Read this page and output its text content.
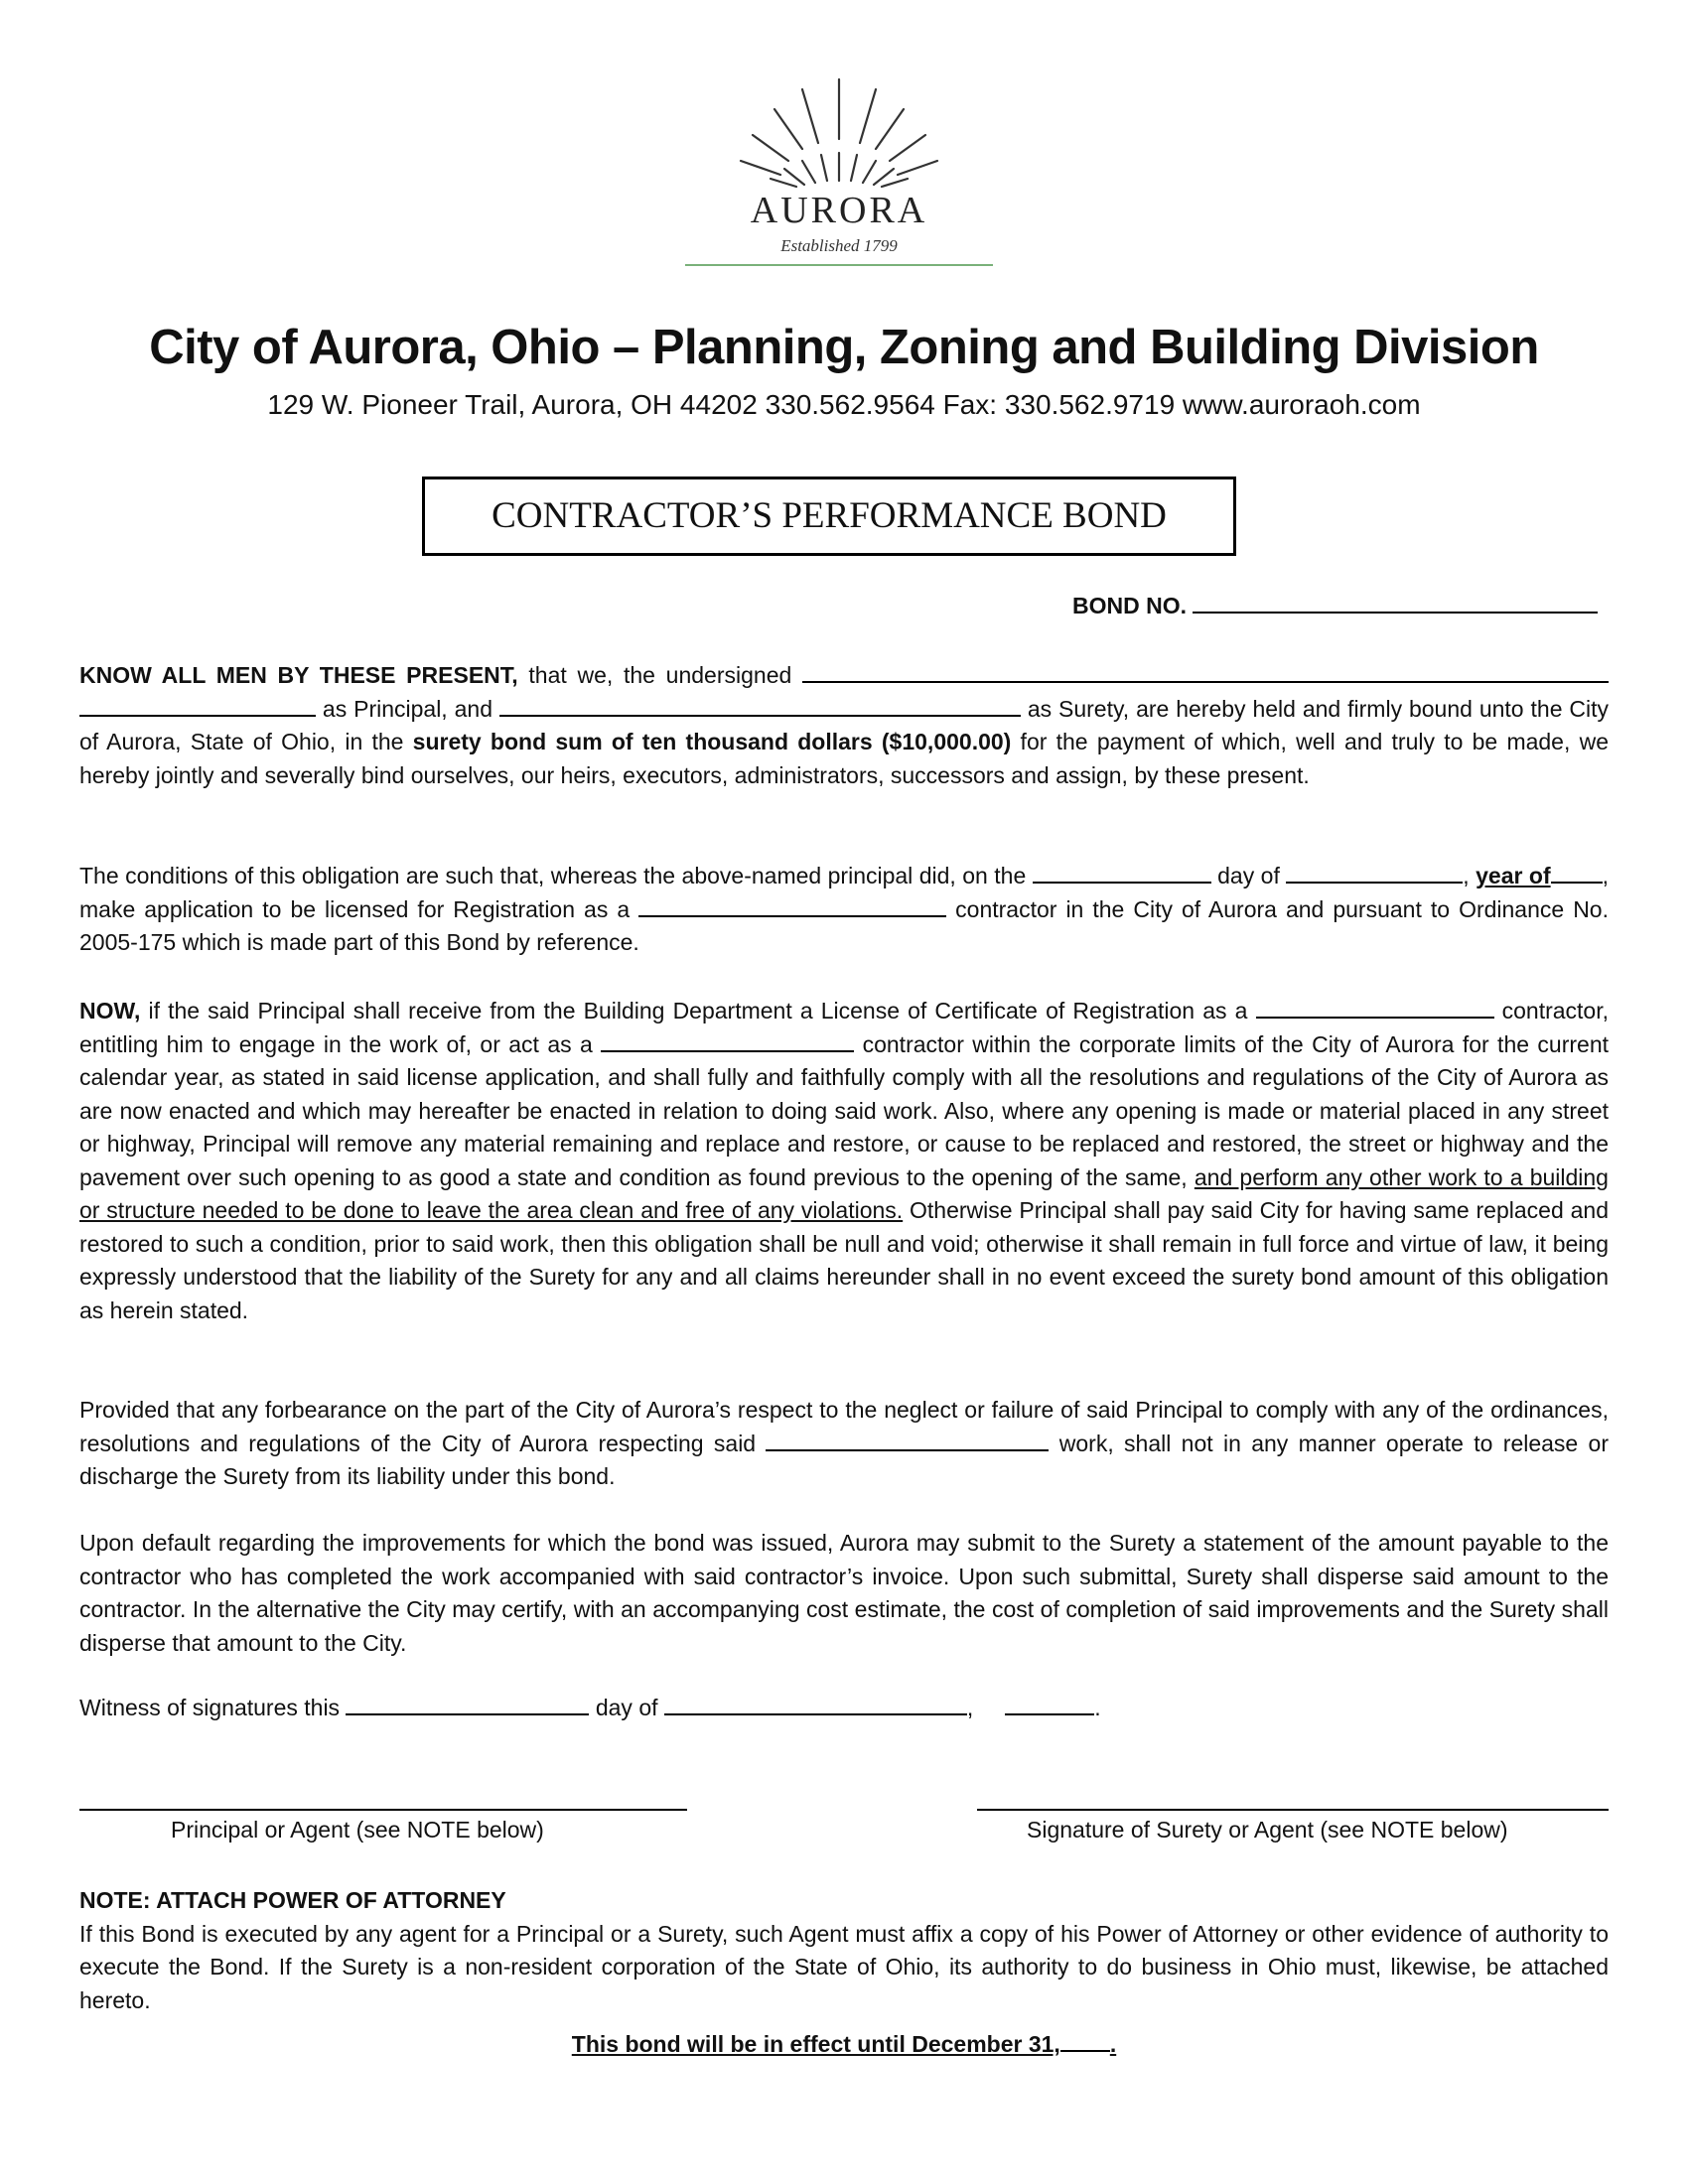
AURORA
Established 1799
City of Aurora, Ohio – Planning, Zoning and Building Division
129 W. Pioneer Trail, Aurora, OH 44202 330.562.9564 Fax: 330.562.9719 www.auroraoh.com
CONTRACTOR’S PERFORMANCE BOND
BOND NO.
KNOW ALL MEN BY THESE PRESENT, that we, the undersigned   as Principal, and	as Surety, are hereby held and firmly bound unto the City of Aurora, State of Ohio, in the surety bond sum of ten thousand dollars ($10,000.00) for the payment of which, well and truly to be made, we hereby jointly and severally bind ourselves, our heirs, executors, administrators, successors and assign, by these present.
The conditions of this obligation are such that, whereas the above-named principal did, on the	day of	, year of , make application to be licensed for Registration as a	contractor in the City of Aurora and pursuant to Ordinance No. 2005-175 which is made part of this Bond by reference.
NOW, if the said Principal shall receive from the Building Department a License of Certificate of Registration as a	contractor, entitling him to engage in the work of, or act as a	contractor within the corporate limits of the City of Aurora for the current calendar year, as stated in said license application, and shall fully and faithfully comply with all the resolutions and regulations of the City of Aurora as are now enacted and which may hereafter be enacted in relation to doing said work. Also, where any opening is made or material placed in any street or highway, Principal will remove any material remaining and replace and restore, or cause to be replaced and restored, the street or highway and the pavement over such opening to as good a state and condition as found previous to the opening of the same, and perform any other work to a building or structure needed to be done to leave the area clean and free of any violations. Otherwise Principal shall pay said City for having same replaced and restored to such a condition, prior to said work, then this obligation shall be null and void; otherwise it shall remain in full force and virtue of law, it being expressly understood that the liability of the Surety for any and all claims hereunder shall in no event exceed the surety bond amount of this obligation as herein stated.
Provided that any forbearance on the part of the City of Aurora’s respect to the neglect or failure of said Principal to comply with any of the ordinances, resolutions and regulations of the City of Aurora respecting said	work, shall not in any manner operate to release or discharge the Surety from its liability under this bond.
Upon default regarding the improvements for which the bond was issued, Aurora may submit to the Surety a statement of the amount payable to the contractor who has completed the work accompanied with said contractor’s invoice. Upon such submittal, Surety shall disperse said amount to the contractor. In the alternative the City may certify, with an accompanying cost estimate, the cost of completion of said improvements and the Surety shall disperse that amount to the City.
Witness of signatures this	day of	,	.
Principal or Agent (see NOTE below)	Signature of Surety or Agent (see NOTE below)
NOTE: ATTACH POWER OF ATTORNEY
If this Bond is executed by any agent for a Principal or a Surety, such Agent must affix a copy of his Power of Attorney or other evidence of authority to execute the Bond. If the Surety is a non-resident corporation of the State of Ohio, its authority to do business in Ohio must, likewise, be attached hereto.
This bond will be in effect until December 31, .
